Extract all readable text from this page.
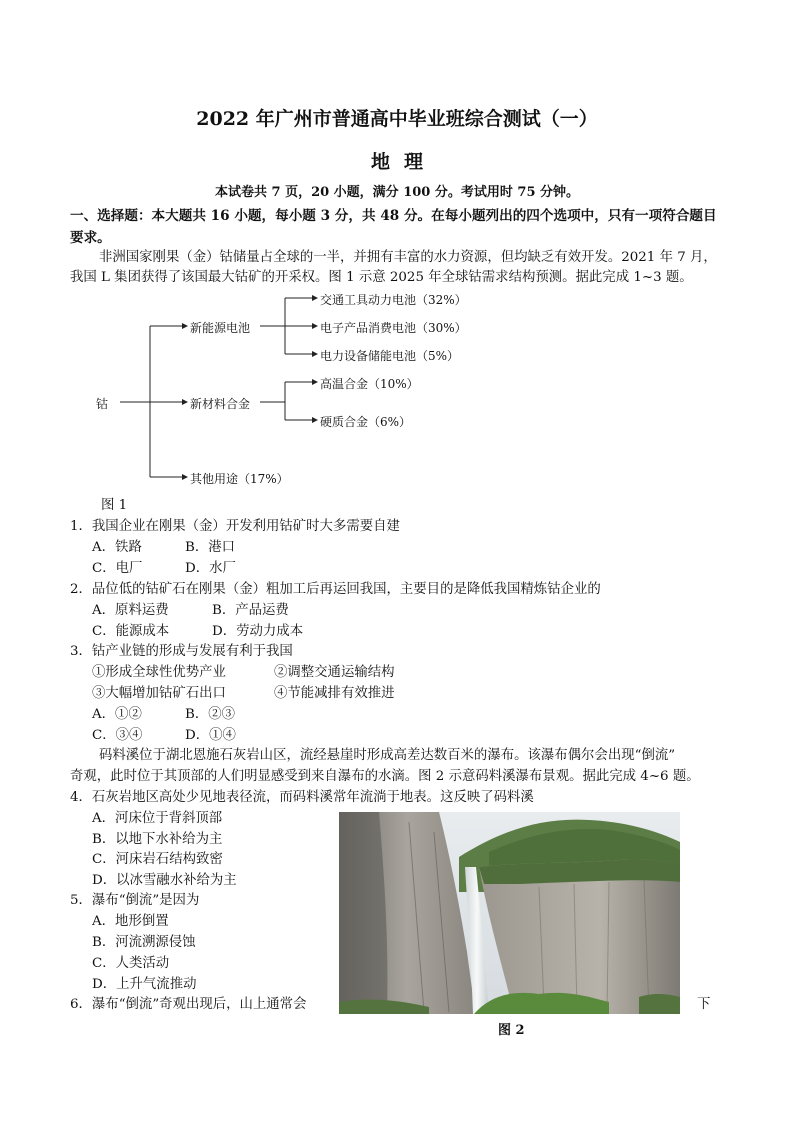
2022 年广州市普通高中毕业班综合测试（一）
地理
本试卷共 7 页，20 小题，满分 100 分。考试用时 75 分钟。
一、选择题：本大题共 16 小题，每小题 3 分，共 48 分。在每小题列出的四个选项中，只有一项符合题目
要求。
非洲国家刚果（金）钴储量占全球的一半，并拥有丰富的水力资源，但均缺乏有效开发。2021 年 7 月，
我国 L 集团获得了该国最大钴矿的开采权。图 1 示意 2025 年全球钴需求结构预测。据此完成 1~3 题。
钴
新能源电池
交通工具动力电池（32%）
电子产品消费电池（30%）
电力设备储能电池（5%）
新材料合金
高温合金（10%）
硬质合金（6%）
其他用途（17%）
图 1
1．我国企业在刚果（金）开发利用钴矿时大多需要自建
A．铁路	B．港口
C．电厂	D．水厂
2．品位低的钴矿石在刚果（金）粗加工后再运回我国，主要目的是降低我国精炼钴企业的
A．原料运费	B．产品运费
C．能源成本	D．劳动力成本
3．钴产业链的形成与发展有利于我国
①形成全球性优势产业	②调整交通运输结构
③大幅增加钴矿石出口	④节能减排有效推进
A．①②	B．②③
C．③④	D．①④
码料溪位于湖北恩施石灰岩山区，流经悬崖时形成高差达数百米的瀑布。该瀑布偶尔会出现“倒流”
奇观，此时位于其顶部的人们明显感受到来自瀑布的水滴。图 2 示意码料溪瀑布景观。据此完成 4~6 题。
4．石灰岩地区高处少见地表径流，而码料溪常年流淌于地表。这反映了码料溪
A．河床位于背斜顶部
B．以地下水补给为主
C．河床岩石结构致密
D．以冰雪融水补给为主
5．瀑布“倒流”是因为
A．地形倒置
B．河流溯源侵蚀
C．人类活动
D．上升气流推动
6．瀑布“倒流”奇观出现后，山上通常会	下
图 2
